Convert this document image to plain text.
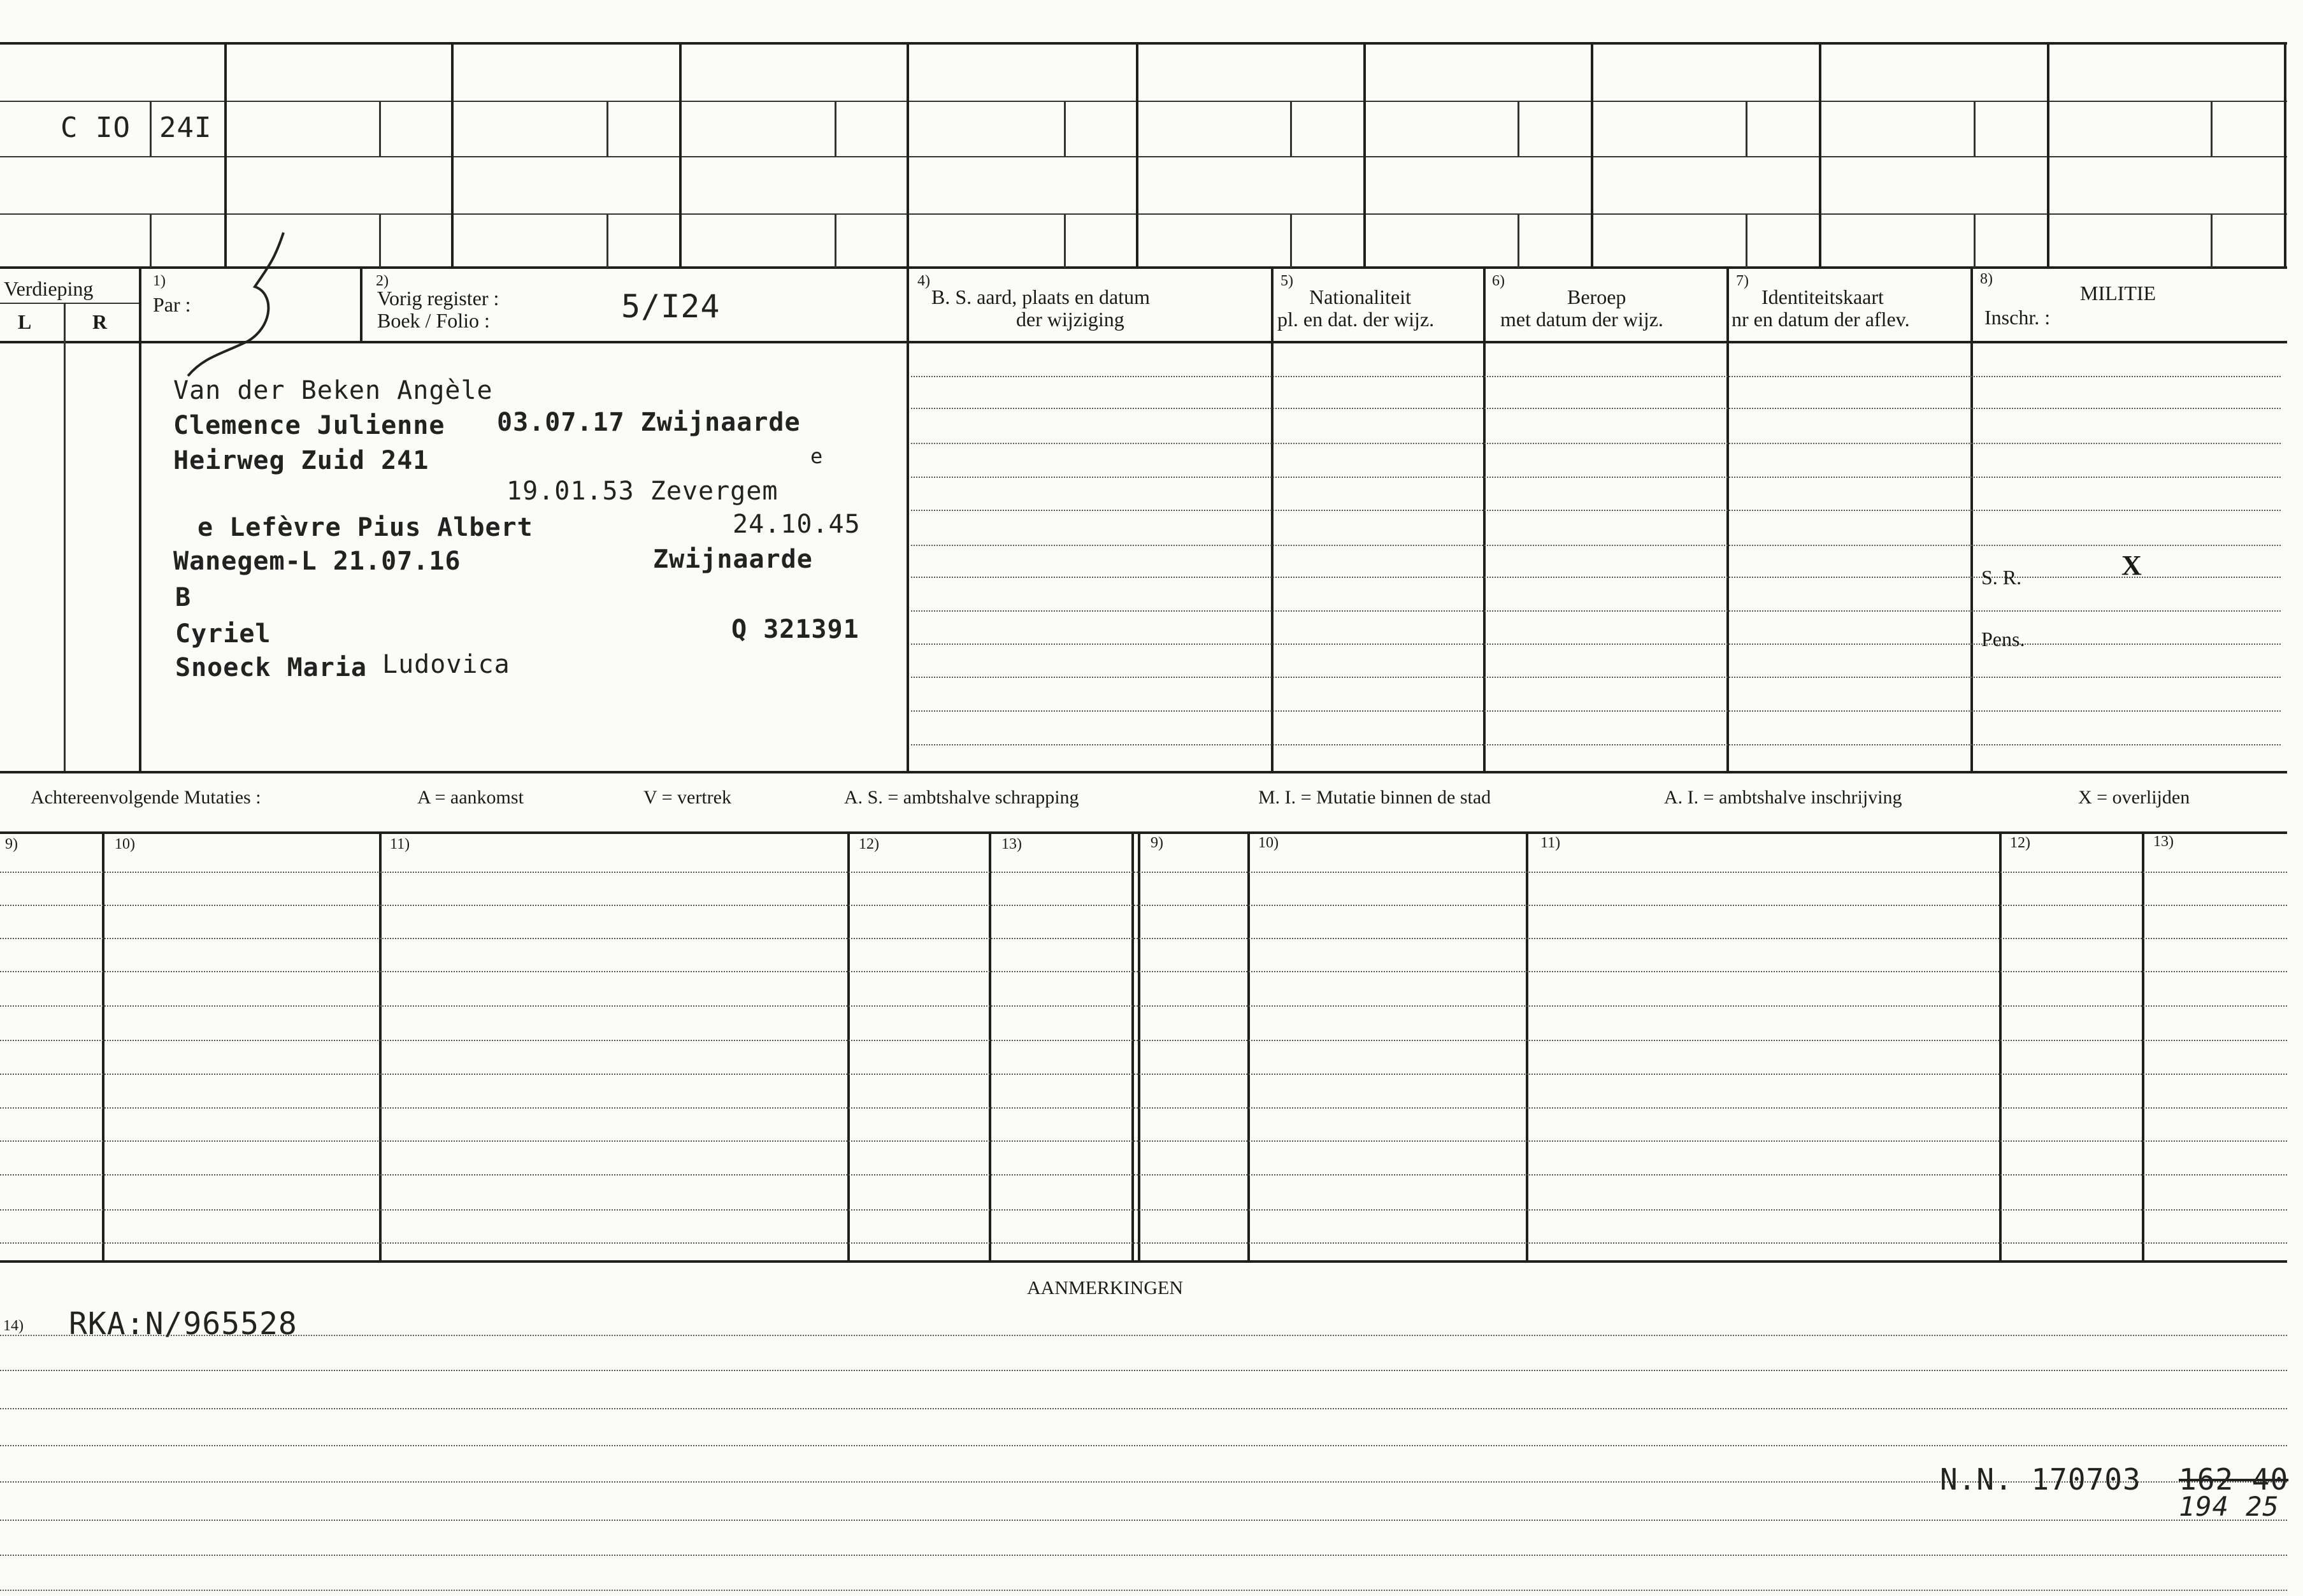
C IO 24I
Verdieping
L	R
1)
Par :
2)
Vorig register :
Boek / Folio :	5/I24
4)
B. S. aard, plaats en datum
der wijziging
5)
Nationaliteit
pl. en dat. der wijz.
6)
Beroep
met datum der wijz.
7)
Identiteitskaart
nr en datum der aflev.
8)
MILITIE
Inschr. :
S. R.	X
Pens.
Van der Beken Angèle
Clemence Julienne 03.07.17 Zwijnaarde
Heirweg Zuid 241	e
19.01.53 Zevergem
e Lefèvre Pius Albert	24.10.45
Wanegem-L 21.07.16	Zwijnaarde
B
Cyriel	Q 321391
Snoeck Maria Ludovica
Achtereenvolgende Mutaties :	A = aankomst	V = vertrek	A. S. = ambtshalve schrapping	M. I. = Mutatie binnen de stad	A. I. = ambtshalve inschrijving	X = overlijden
9)	10)	11)	12)	13)	9)	10)	11)	12)	13)
AANMERKINGEN
14) RKA:N/965528
N.N. 170703 162 40
194 25
